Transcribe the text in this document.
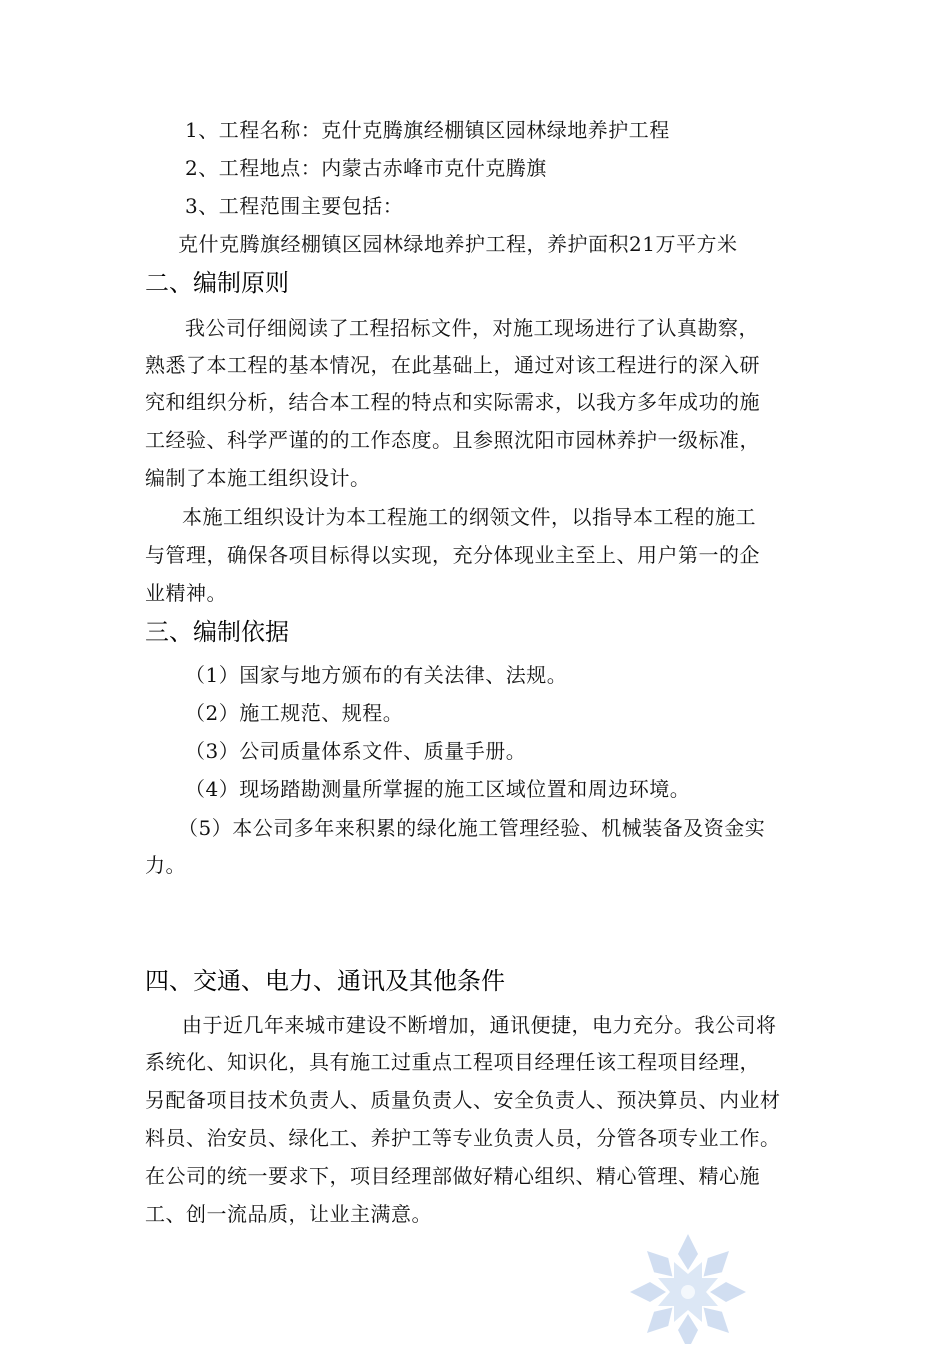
1、工程名称：克什克腾旗经棚镇区园林绿地养护工程
2、工程地点：内蒙古赤峰市克什克腾旗
3、工程范围主要包括：
克什克腾旗经棚镇区园林绿地养护工程，养护面积21万平方米
二、编制原则
我公司仔细阅读了工程招标文件，对施工现场进行了认真勘察，
熟悉了本工程的基本情况，在此基础上，通过对该工程进行的深入研
究和组织分析，结合本工程的特点和实际需求，以我方多年成功的施
工经验、科学严谨的的工作态度。且参照沈阳市园林养护一级标准，
编制了本施工组织设计。
本施工组织设计为本工程施工的纲领文件，以指导本工程的施工
与管理，确保各项目标得以实现，充分体现业主至上、用户第一的企
业精神。
三、编制依据
（1）国家与地方颁布的有关法律、法规。
（2）施工规范、规程。
（3）公司质量体系文件、质量手册。
（4）现场踏勘测量所掌握的施工区域位置和周边环境。
（5）本公司多年来积累的绿化施工管理经验、机械装备及资金实
力。
四、交通、电力、通讯及其他条件
由于近几年来城市建设不断增加，通讯便捷，电力充分。我公司将
系统化、知识化，具有施工过重点工程项目经理任该工程项目经理，
另配备项目技术负责人、质量负责人、安全负责人、预决算员、内业材
料员、治安员、绿化工、养护工等专业负责人员，分管各项专业工作。
在公司的统一要求下，项目经理部做好精心组织、精心管理、精心施
工、创一流品质，让业主满意。
